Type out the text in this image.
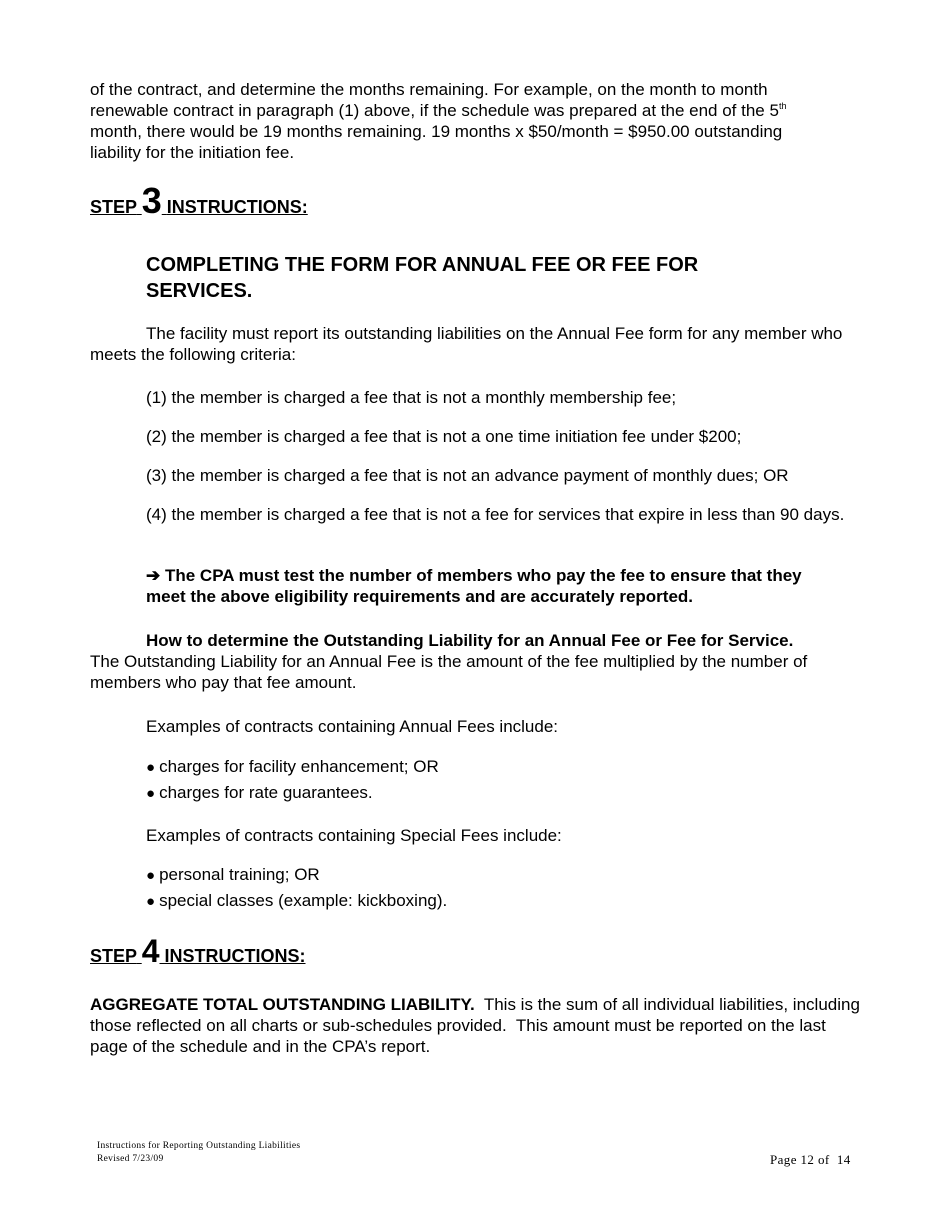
of the contract, and determine the months remaining. For example, on the month to month

renewable contract in paragraph (1) above, if the schedule was prepared at the end of the 5th

month, there would be 19 months remaining. 19 months x $50/month = $950.00 outstanding

liability for the initiation fee.

STEP 3 INSTRUCTIONS:

COMPLETING THE FORM FOR ANNUAL FEE OR FEE FOR

SERVICES.

The facility must report its outstanding liabilities on the Annual Fee form for any member who meets the following criteria:

(1) the member is charged a fee that is not a monthly membership fee;

(2) the member is charged a fee that is not a one time initiation fee under $200;

(3) the member is charged a fee that is not an advance payment of monthly dues; OR

(4) the member is charged a fee that is not a fee for services that expire in less than 90 days.

➔ The CPA must test the number of members who pay the fee to ensure that they meet the above eligibility requirements and are accurately reported.

How to determine the Outstanding Liability for an Annual Fee or Fee for Service.

The Outstanding Liability for an Annual Fee is the amount of the fee multiplied by the number of members who pay that fee amount.

Examples of contracts containing Annual Fees include:

● charges for facility enhancement; OR
● charges for rate guarantees.

Examples of contracts containing Special Fees include:

● personal training; OR
● special classes (example: kickboxing).
STEP 4 INSTRUCTIONS:

AGGREGATE TOTAL OUTSTANDING LIABILITY.  This is the sum of all individual liabilities, including those reflected on all charts or sub-schedules provided.  This amount must be reported on the last page of the schedule and in the CPA’s report.

Instructions for Reporting Outstanding Liabilities
Revised 7/23/09	Page 12 of  14
